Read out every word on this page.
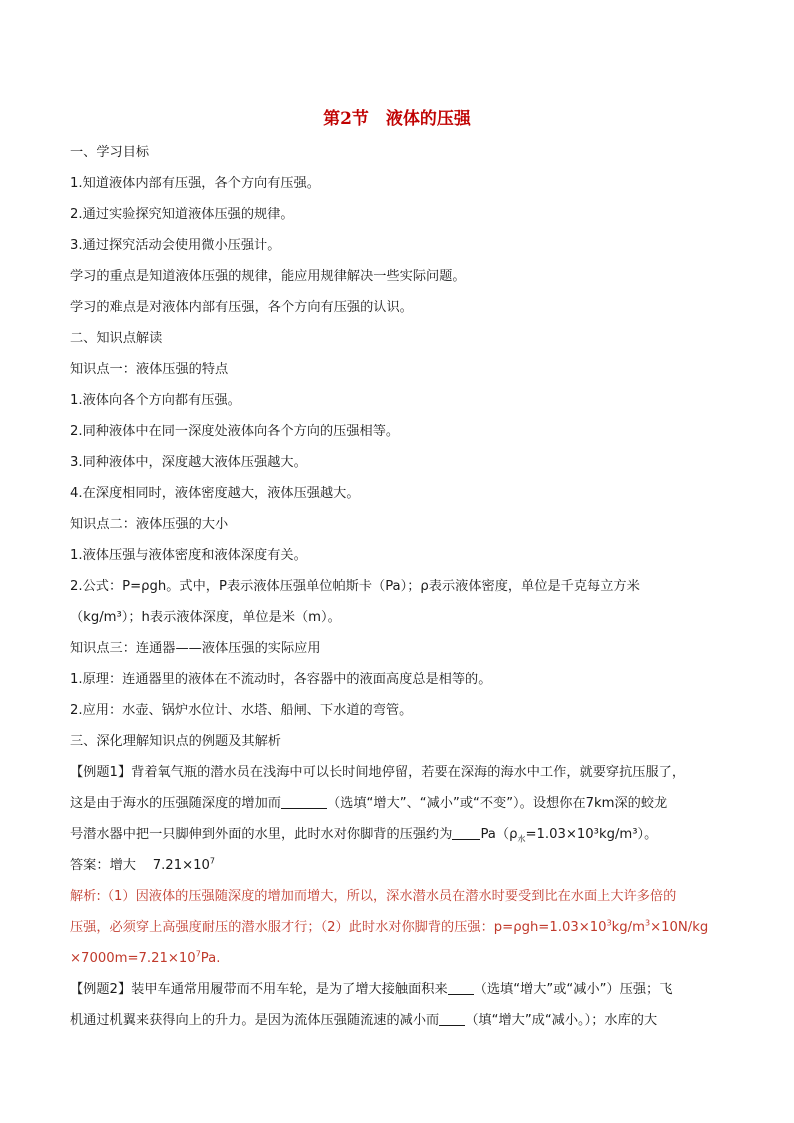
第2节　液体的压强
一、学习目标
1.知道液体内部有压强，各个方向有压强。
2.通过实验探究知道液体压强的规律。
3.通过探究活动会使用微小压强计。
学习的重点是知道液体压强的规律，能应用规律解决一些实际问题。
学习的难点是对液体内部有压强，各个方向有压强的认识。
二、知识点解读
知识点一：液体压强的特点
1.液体向各个方向都有压强。
2.同种液体中在同一深度处液体向各个方向的压强相等。
3.同种液体中，深度越大液体压强越大。
4.在深度相同时，液体密度越大，液体压强越大。
知识点二：液体压强的大小
1.液体压强与液体密度和液体深度有关。
2.公式：P=ρgh。式中，P表示液体压强单位帕斯卡（Pa）；ρ表示液体密度，单位是千克每立方米
（kg/m³）；h表示液体深度，单位是米（m）。
知识点三：连通器——液体压强的实际应用
1.原理：连通器里的液体在不流动时，各容器中的液面高度总是相等的。
2.应用：水壶、锅炉水位计、水塔、船闸、下水道的弯管。
三、深化理解知识点的例题及其解析
【例题1】背着氧气瓶的潜水员在浅海中可以长时间地停留，若要在深海的海水中工作，就要穿抗压服了，
这是由于海水的压强随深度的增加而	（选填“增大”、“减小”或“不变”）。设想你在7km深的蛟龙
号潜水器中把一只脚伸到外面的水里，此时水对你脚背的压强约为 $Pa(\rho_水=1.03\times 10^3kg/m^3)$。
答案：增大 $7.21\times 10^7$
解析:（1）因液体的压强随深度的增加而增大，所以，深水潜水员在潜水时要受到比在水面上大许多倍的
压强，必须穿上高强度耐压的潜水服才行；（2）此时水对你脚背的压强：$p=\rho gh=1.03\times 10^3kg/m^3\times 10N/kg$
$\times 7000m=7.21\times 10^7Pa$.
【例题2】装甲车通常用履带而不用车轮，是为了增大接触面积来 （选填“增大”或“减小”）压强；飞
机通过机翼来获得向上的升力。是因为流体压强随流速的减小而 （填“增大”成“减小。）；水库的大
